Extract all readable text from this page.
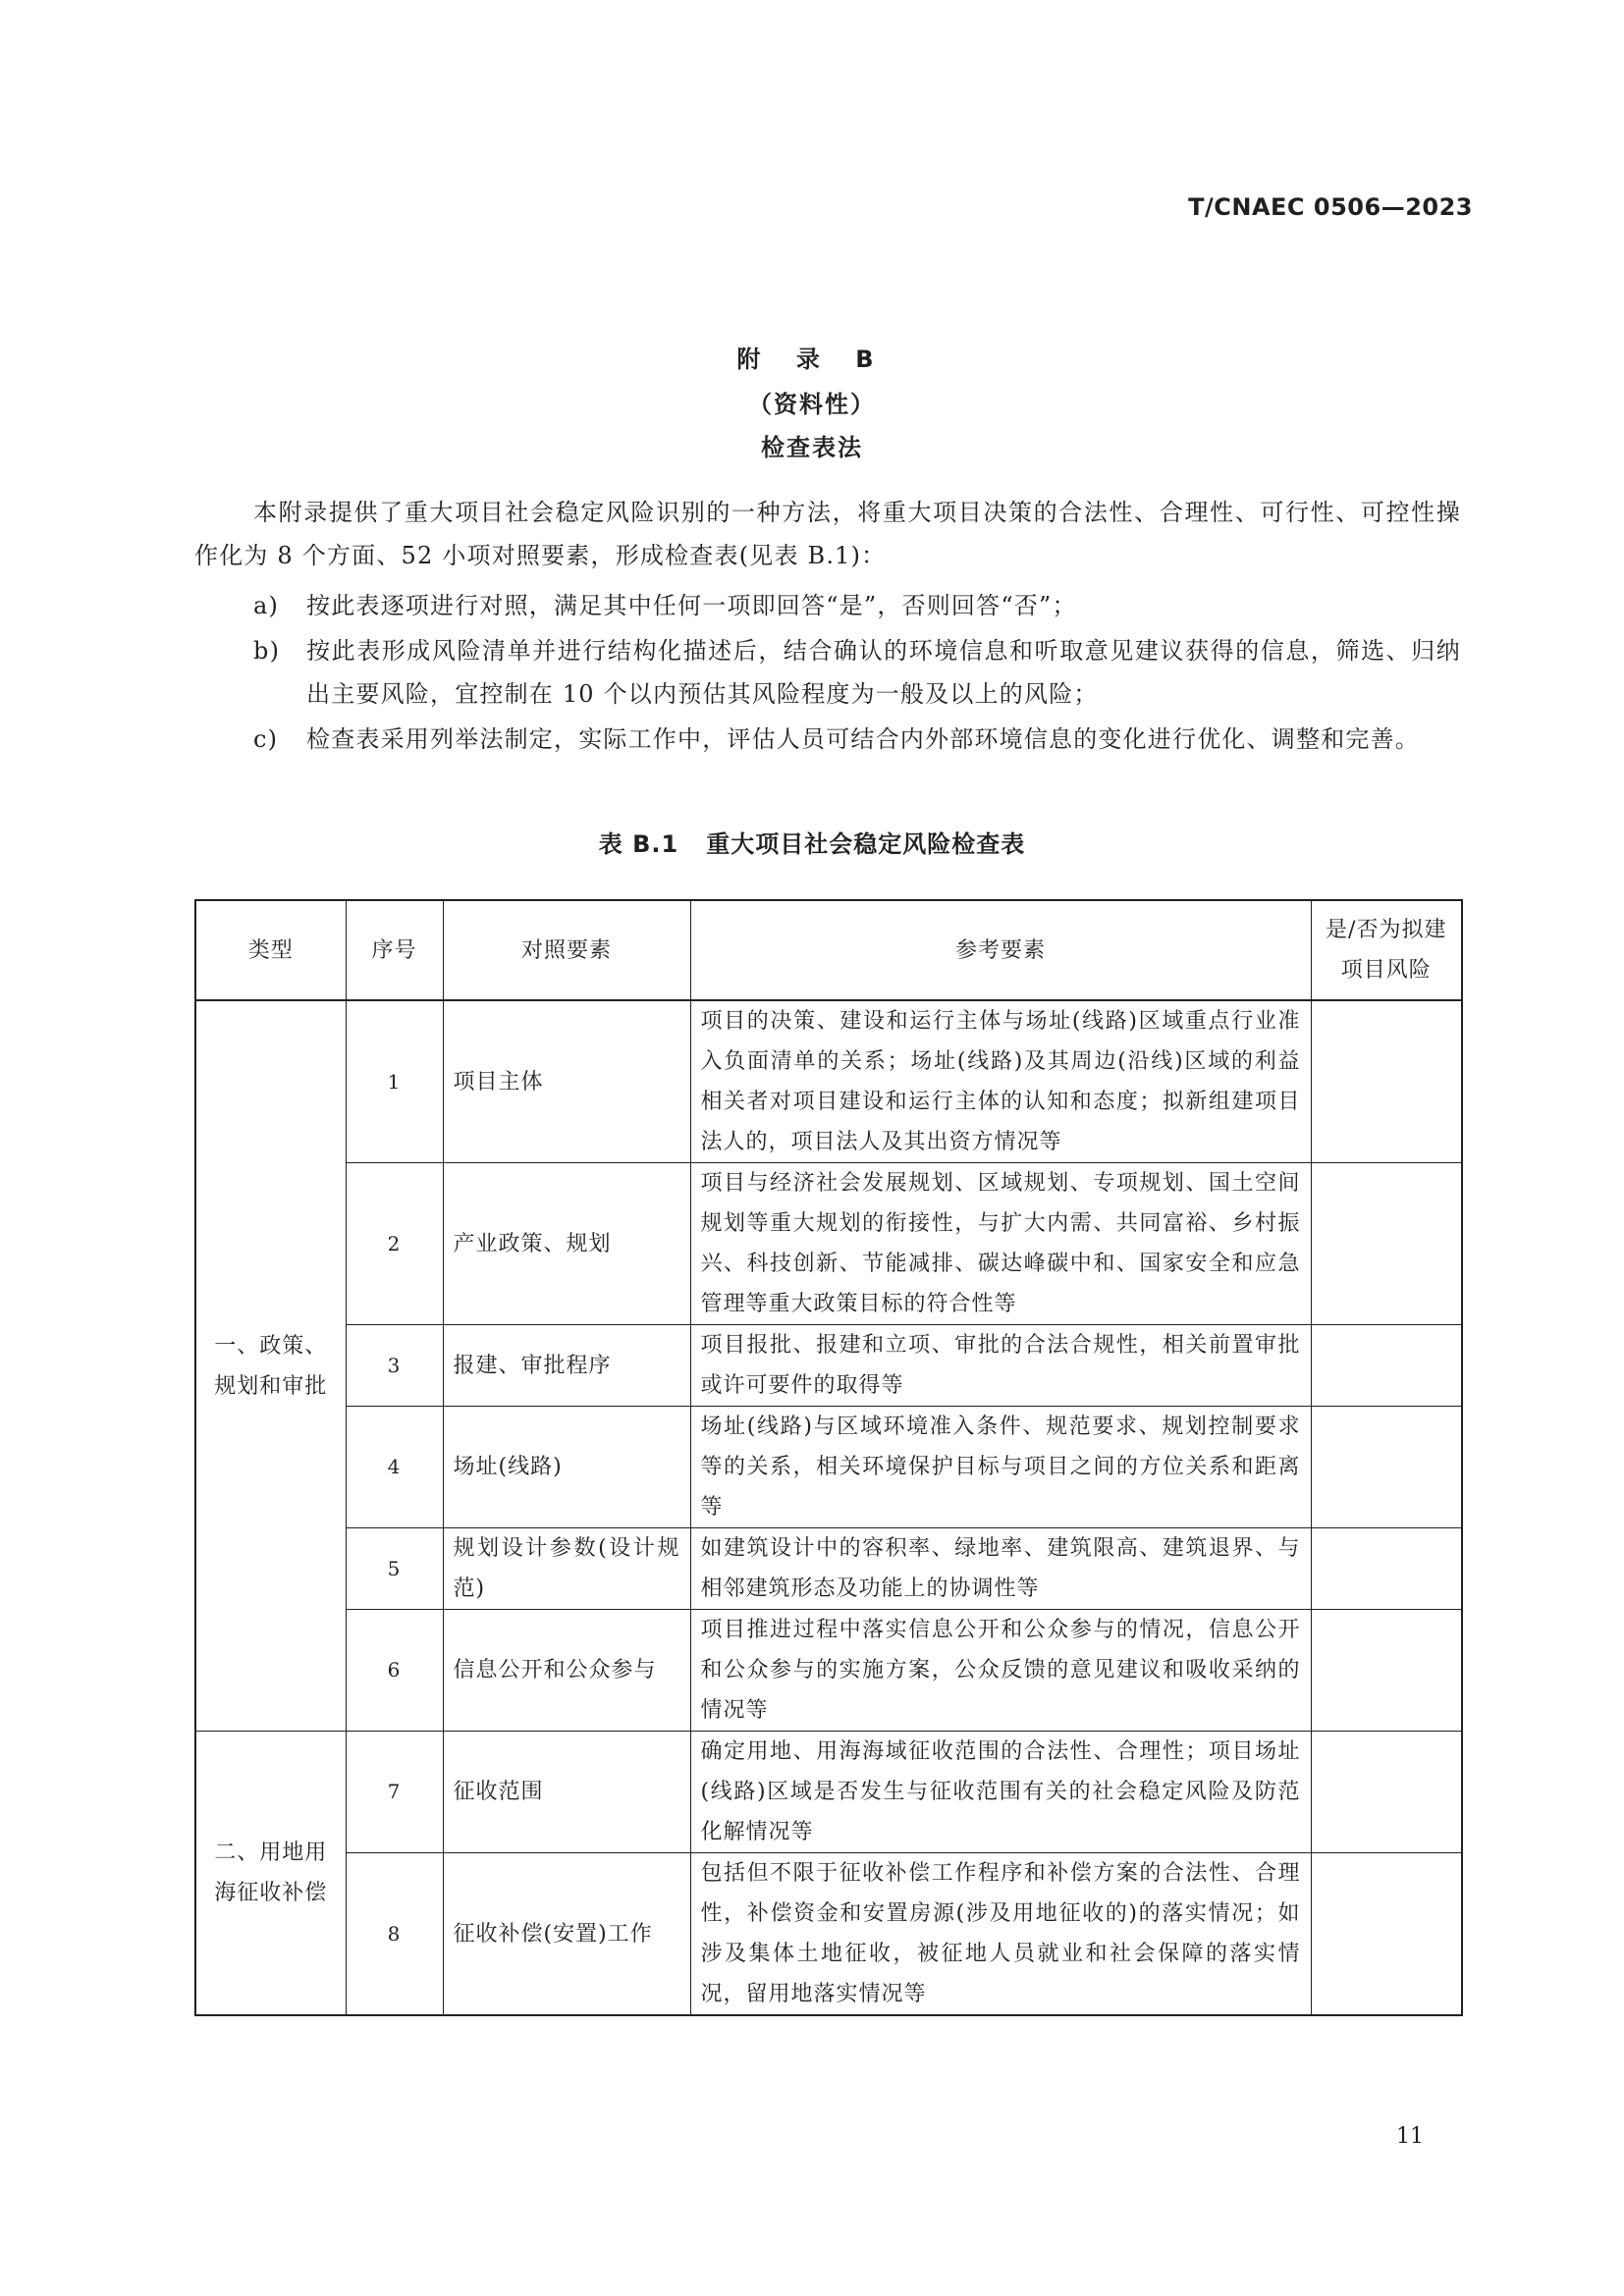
T/CNAEC 0506—2023
附 录 B
（资料性）
检查表法

本附录提供了重大项目社会稳定风险识别的一种方法，将重大项目决策的合法性、合理性、可行性、可控性操作化为 8 个方面、52 小项对照要素，形成检查表(见表 B.1)：

a)	按此表逐项进行对照，满足其中任何一项即回答“是”，否则回答“否”；
b)	按此表形成风险清单并进行结构化描述后，结合确认的环境信息和听取意见建议获得的信息，筛选、归纳出主要风险，宜控制在 10 个以内预估其风险程度为一般及以上的风险；
c)	检查表采用列举法制定，实际工作中，评估人员可结合内外部环境信息的变化进行优化、调整和完善。
表 B.1 重大项目社会稳定风险检查表
类型	序号	对照要素	参考要素	是/否为拟建项目风险
一、政策、规划和审批	1	项目主体	项目的决策、建设和运行主体与场址(线路)区域重点行业准入负面清单的关系；场址(线路)及其周边(沿线)区域的利益相关者对项目建设和运行主体的认知和态度；拟新组建项目法人的，项目法人及其出资方情况等	
	2	产业政策、规划	项目与经济社会发展规划、区域规划、专项规划、国土空间规划等重大规划的衔接性，与扩大内需、共同富裕、乡村振兴、科技创新、节能减排、碳达峰碳中和、国家安全和应急管理等重大政策目标的符合性等	
	3	报建、审批程序	项目报批、报建和立项、审批的合法合规性，相关前置审批或许可要件的取得等	
	4	场址(线路)	场址(线路)与区域环境准入条件、规范要求、规划控制要求等的关系，相关环境保护目标与项目之间的方位关系和距离等	
	5	规划设计参数(设计规范)	如建筑设计中的容积率、绿地率、建筑限高、建筑退界、与相邻建筑形态及功能上的协调性等	
	6	信息公开和公众参与	项目推进过程中落实信息公开和公众参与的情况，信息公开和公众参与的实施方案，公众反馈的意见建议和吸收采纳的情况等	
二、用地用海征收补偿	7	征收范围	确定用地、用海海域征收范围的合法性、合理性；项目场址(线路)区域是否发生与征收范围有关的社会稳定风险及防范化解情况等	
	8	征收补偿(安置)工作	包括但不限于征收补偿工作程序和补偿方案的合法性、合理性，补偿资金和安置房源(涉及用地征收的)的落实情况；如涉及集体土地征收，被征地人员就业和社会保障的落实情况，留用地落实情况等	
11
